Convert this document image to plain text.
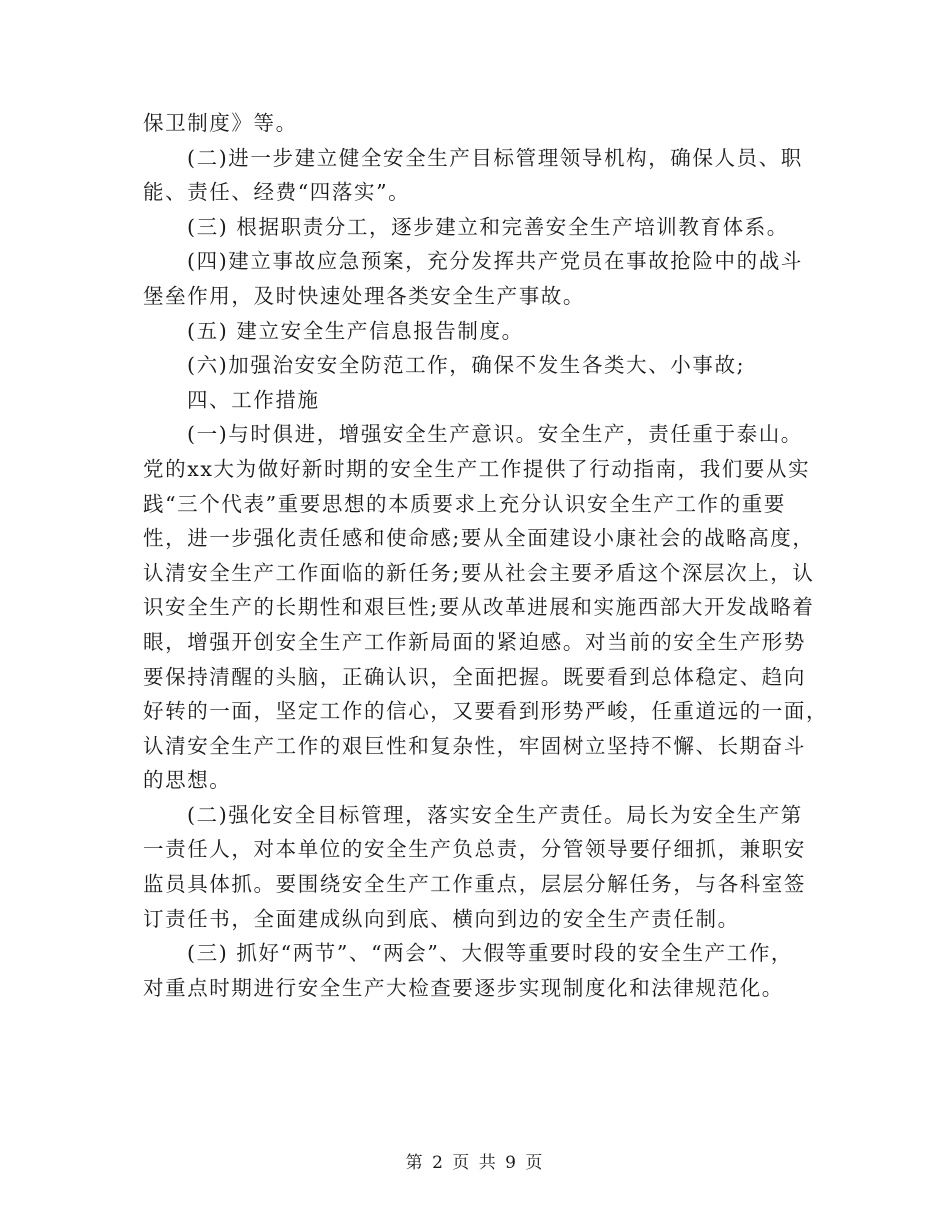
保卫制度》等。
(二)进一步建立健全安全生产目标管理领导机构，确保人员、职
能、责任、经费“四落实”。
(三) 根据职责分工，逐步建立和完善安全生产培训教育体系。
(四)建立事故应急预案，充分发挥共产党员在事故抢险中的战斗
堡垒作用，及时快速处理各类安全生产事故。
(五) 建立安全生产信息报告制度。
(六)加强治安安全防范工作，确保不发生各类大、小事故;
四、工作措施
(一)与时俱进，增强安全生产意识。安全生产，责任重于泰山。
党的xx大为做好新时期的安全生产工作提供了行动指南，我们要从实
践“三个代表”重要思想的本质要求上充分认识安全生产工作的重要
性，进一步强化责任感和使命感;要从全面建设小康社会的战略高度，
认清安全生产工作面临的新任务;要从社会主要矛盾这个深层次上，认
识安全生产的长期性和艰巨性;要从改革进展和实施西部大开发战略着
眼，增强开创安全生产工作新局面的紧迫感。对当前的安全生产形势
要保持清醒的头脑，正确认识，全面把握。既要看到总体稳定、趋向
好转的一面，坚定工作的信心，又要看到形势严峻，任重道远的一面，
认清安全生产工作的艰巨性和复杂性，牢固树立坚持不懈、长期奋斗
的思想。
(二)强化安全目标管理，落实安全生产责任。局长为安全生产第
一责任人，对本单位的安全生产负总责，分管领导要仔细抓，兼职安
监员具体抓。要围绕安全生产工作重点，层层分解任务，与各科室签
订责任书，全面建成纵向到底、横向到边的安全生产责任制。
(三) 抓好“两节”、“两会”、大假等重要时段的安全生产工作，
对重点时期进行安全生产大检查要逐步实现制度化和法律规范化。
第 2 页 共 9 页
